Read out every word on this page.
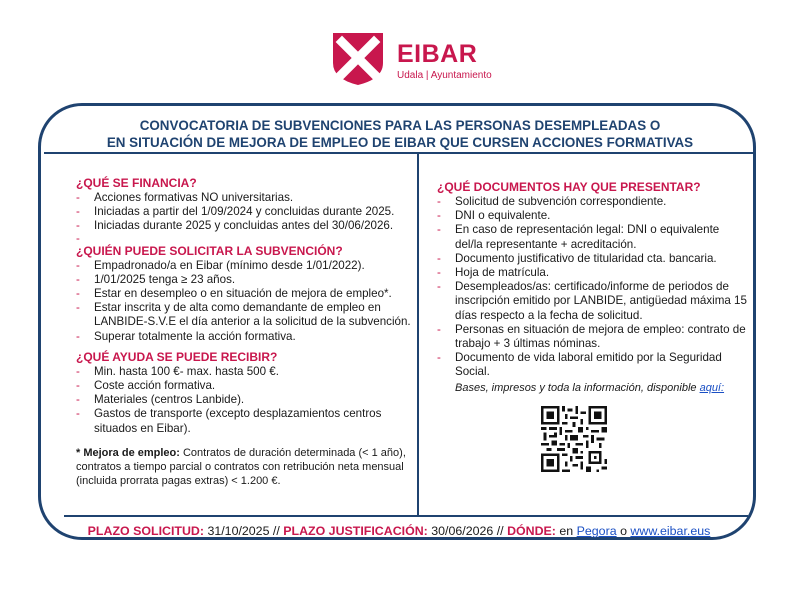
EIBAR
Udala | Ayuntamiento
CONVOCATORIA DE SUBVENCIONES PARA LAS PERSONAS DESEMPLEADAS O
EN SITUACIÓN DE MEJORA DE EMPLEO DE EIBAR QUE CURSEN ACCIONES FORMATIVAS
¿QUÉ SE FINANCIA?
- Acciones formativas NO universitarias.
- Iniciadas a partir del 1/09/2024 y concluidas durante 2025.
- Iniciadas durante 2025 y concluidas antes del 30/06/2026.
-
¿QUIÉN PUEDE SOLICITAR LA SUBVENCIÓN?
- Empadronado/a en Eibar (mínimo desde 1/01/2022).
- 1/01/2025 tenga ≥ 23 años.
- Estar en desempleo o en situación de mejora de empleo*.
- Estar inscrita y de alta como demandante de empleo en LANBIDE-S.V.E el día anterior a la solicitud de la subvención.
- Superar totalmente la acción formativa.
¿QUÉ AYUDA SE PUEDE RECIBIR?
- Min. hasta 100 €- max. hasta 500 €.
- Coste acción formativa.
- Materiales (centros Lanbide).
- Gastos de transporte (excepto desplazamientos centros situados en Eibar).
* Mejora de empleo: Contratos de duración determinada (< 1 año), contratos a tiempo parcial o contratos con retribución neta mensual (incluida prorrata pagas extras) < 1.200 €.
¿QUÉ DOCUMENTOS HAY QUE PRESENTAR?
- Solicitud de subvención correspondiente.
- DNI o equivalente.
- En caso de representación legal: DNI o equivalente del/la representante + acreditación.
- Documento justificativo de titularidad cta. bancaria.
- Hoja de matrícula.
- Desempleados/as: certificado/informe de periodos de inscripción emitido por LANBIDE, antigüedad máxima 15 días respecto a la fecha de solicitud.
- Personas en situación de mejora de empleo: contrato de trabajo + 3 últimas nóminas.
- Documento de vida laboral emitido por la Seguridad Social.
Bases, impresos y toda la información, disponible aquí:
PLAZO SOLICITUD: 31/10/2025 // PLAZO JUSTIFICACIÓN: 30/06/2026 // DÓNDE: en Pegora o www.eibar.eus
